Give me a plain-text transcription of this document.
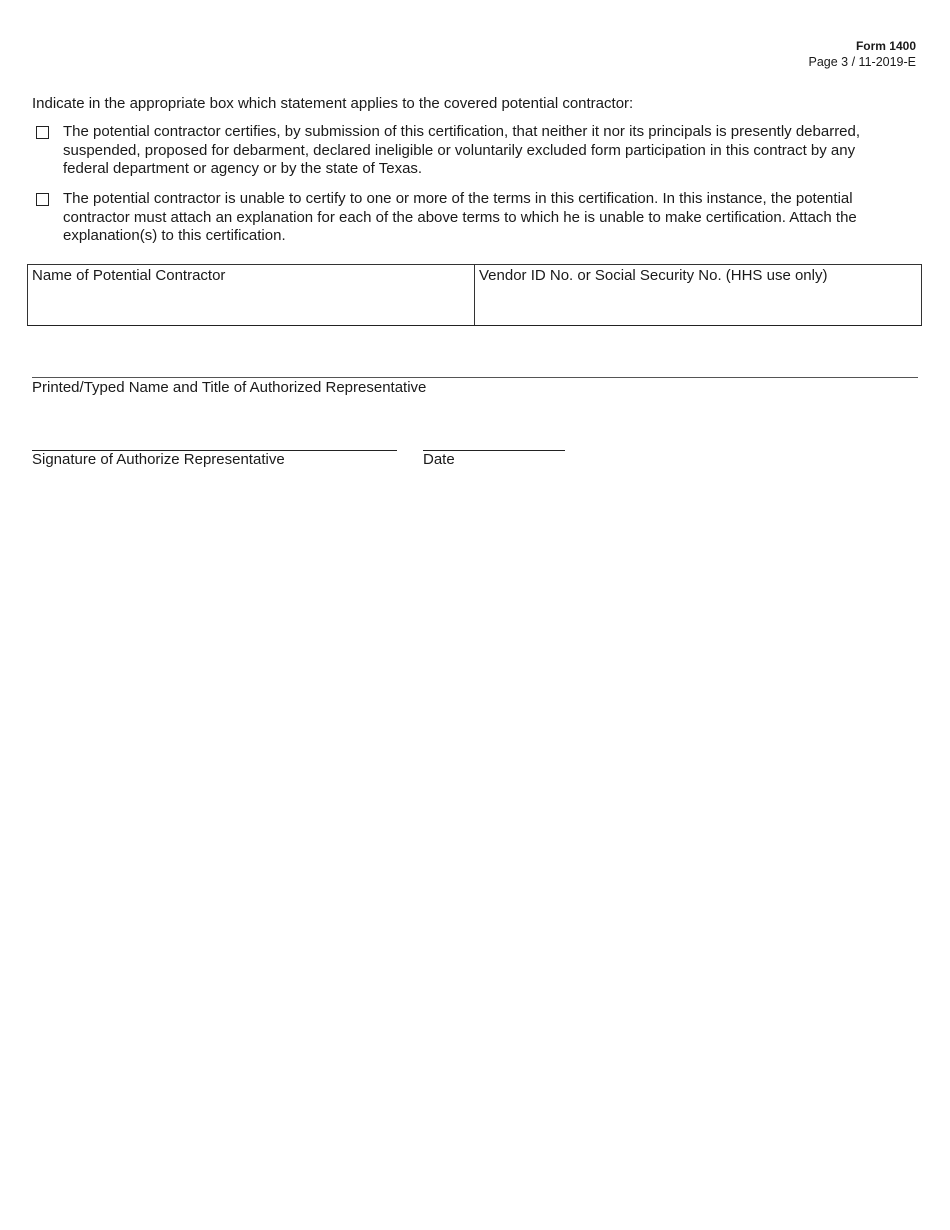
Form 1400
Page 3 / 11-2019-E
Indicate in the appropriate box which statement applies to the covered potential contractor:
The potential contractor certifies, by submission of this certification, that neither it nor its principals is presently debarred, suspended, proposed for debarment, declared ineligible or voluntarily excluded form participation in this contract by any federal department or agency or by the state of Texas.
The potential contractor is unable to certify to one or more of the terms in this certification. In this instance, the potential contractor must attach an explanation for each of the above terms to which he is unable to make certification. Attach the explanation(s) to this certification.
Name of Potential Contractor	Vendor ID No. or Social Security No. (HHS use only)
Printed/Typed Name and Title of Authorized Representative
Signature of Authorize Representative	Date
